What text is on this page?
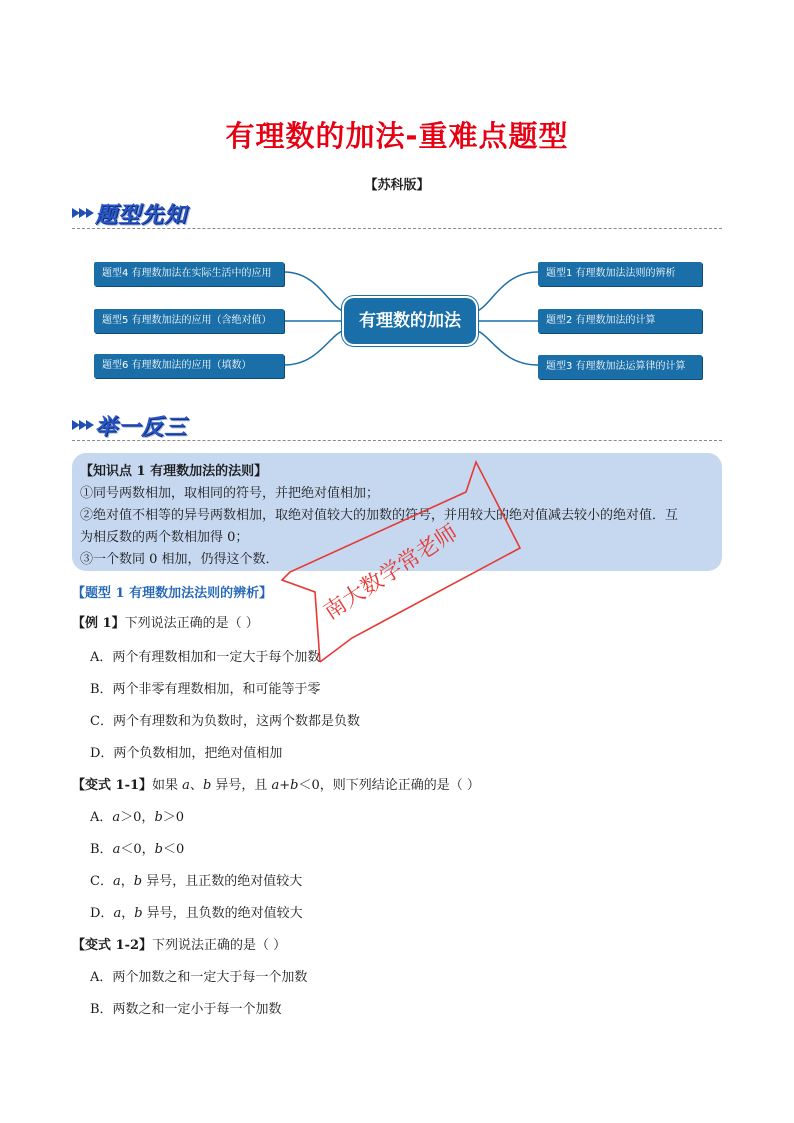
有理数的加法-重难点题型
【苏科版】
题型先知
题型4 有理数加法在实际生活中的应用
题型5 有理数加法的应用（含绝对值）
题型6 有理数加法的应用（填数）
有理数的加法
题型1 有理数加法法则的辨析
题型2 有理数加法的计算
题型3 有理数加法运算律的计算
举一反三

【知识点 1 有理数加法的法则】

①同号两数相加，取相同的符号，并把绝对值相加；

②绝对值不相等的异号两数相加，取绝对值较大的加数的符号，并用较大的绝对值减去较小的绝对值．互

为相反数的两个数相加得 0；

③一个数同 0 相加，仍得这个数．

【题型 1 有理数加法法则的辨析】
【例 1】下列说法正确的是（ ）
A．两个有理数相加和一定大于每个加数
B．两个非零有理数相加，和可能等于零
C．两个有理数和为负数时，这两个数都是负数
D．两个负数相加，把绝对值相加
【变式 1-1】如果 a、b 异号，且 a+b＜0，则下列结论正确的是（ ）
A．a＞0，b＞0
B．a＜0，b＜0
C．a，b 异号，且正数的绝对值较大
D．a，b 异号，且负数的绝对值较大
【变式 1-2】下列说法正确的是（ ）
A．两个加数之和一定大于每一个加数
B．两数之和一定小于每一个加数
南大数学常老师
